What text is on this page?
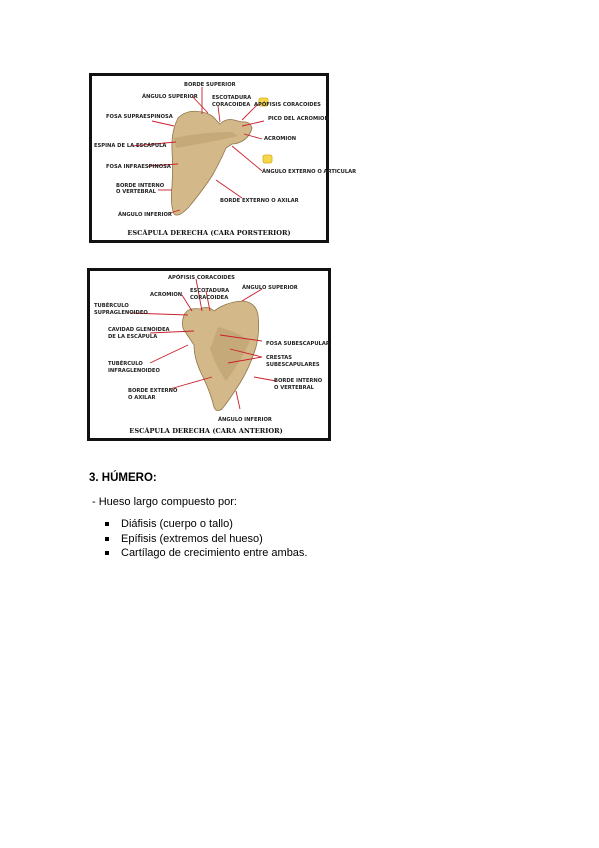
BORDE SUPERIOR
ÁNGULO SUPERIOR	ESCOTADURA
CORACOIDEA APÓFISIS CORACOIDES
FOSA SUPRAESPINOSA	PICO DEL ACROMION
ACROMION
ESPINA DE LA ESCÁPULA
FOSA INFRAESPINOSA
ÁNGULO EXTERNO O ARTICULAR
BORDE INTERNO
O VERTEBRAL
BORDE EXTERNO O AXILAR
ÁNGULO INFERIOR
ESCÁPULA DERECHA (CARA PORSTERIOR)
APÓFISIS CORACOIDES
ESCOTADURA
CORACOIDEA
ACROMION
ÁNGULO SUPERIOR
TUBÉRCULO
SUPRAGLENOIDEO
CAVIDAD GLENOIDEA
DE LA ESCÁPULA
FOSA SUBESCAPULAR
CRESTAS
SUBESCAPULARES
TUBÉRCULO
INFRAGLENOIDEO
BORDE INTERNO
O VERTEBRAL
BORDE EXTERNO
O AXILAR
ÁNGULO INFERIOR
ESCÁPULA DERECHA (CARA ANTERIOR)
3. HÚMERO:
- Hueso largo compuesto por:
Diáfisis (cuerpo o tallo)
Epífisis (extremos del hueso)
Cartílago de crecimiento entre ambas.
